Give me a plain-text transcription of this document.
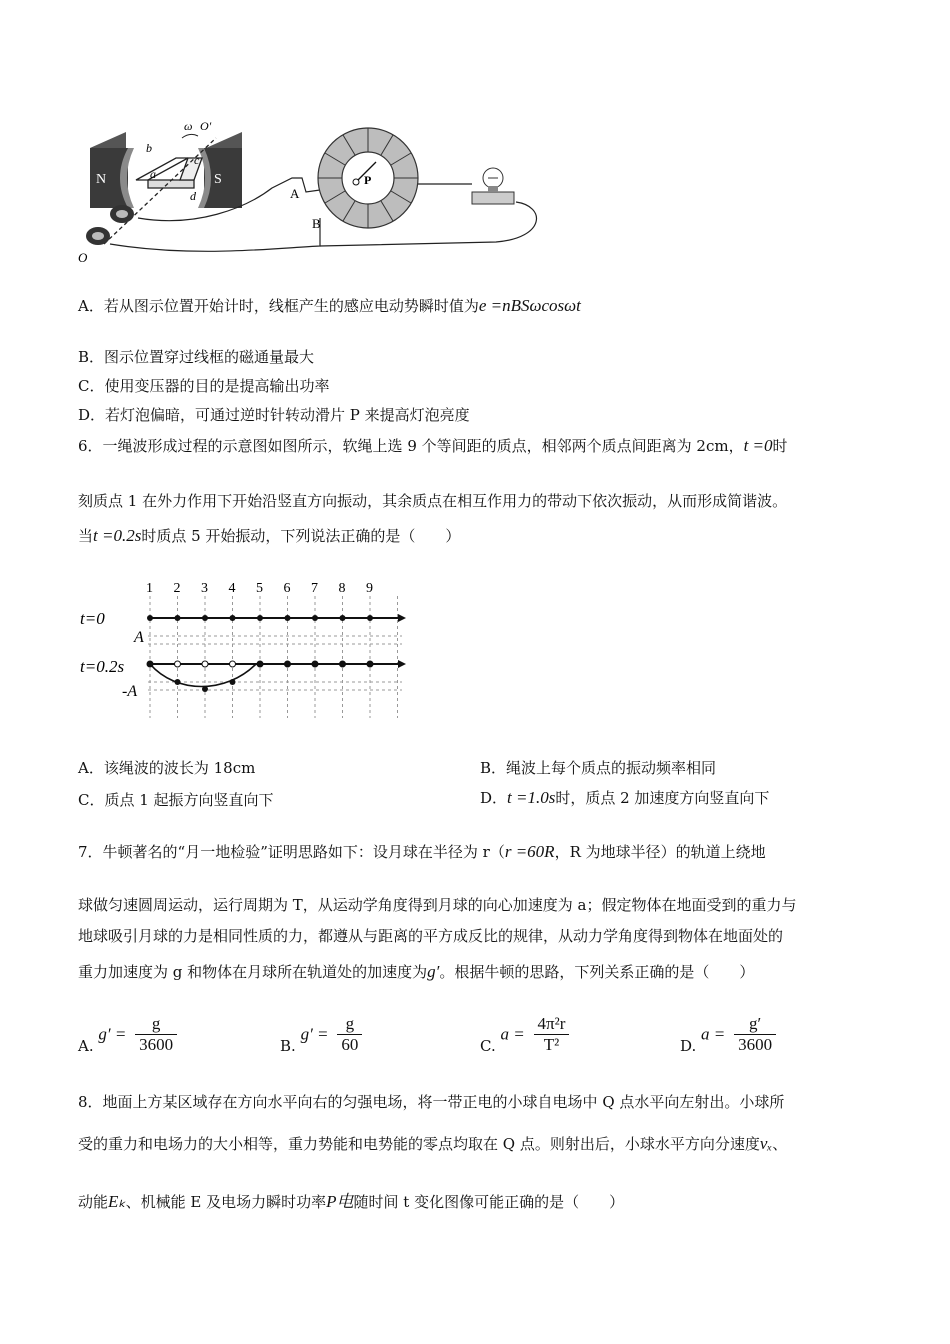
N	S
a
b
c
d
ω O′
O
A
B
P
A．若从图示位置开始计时，线框产生的感应电动势瞬时值为e =nBSωcosωt
B．图示位置穿过线框的磁通量最大
C．使用变压器的目的是提高输出功率
D．若灯泡偏暗，可通过逆时针转动滑片 P 来提高灯泡亮度
6．一绳波形成过程的示意图如图所示，软绳上选 9 个等间距的质点，相邻两个质点间距离为 2cm，t =0时
刻质点 1 在外力作用下开始沿竖直方向振动，其余质点在相互作用力的带动下依次振动，从而形成简谐波。
当t =0.2s时质点 5 开始振动，下列说法正确的是（　　）
1 2 3 4 5 6 7 8 9
t=0
t=0.2s
A
-A
A．该绳波的波长为 18cm	B．绳波上每个质点的振动频率相同
C．质点 1 起振方向竖直向下	D．t =1.0s时，质点 2 加速度方向竖直向下
7．牛顿著名的“月一地检验”证明思路如下：设月球在半径为 r（r =60R，R 为地球半径）的轨道上绕地
球做匀速圆周运动，运行周期为 T，从运动学角度得到月球的向心加速度为 a；假定物体在地面受到的重力与
地球吸引月球的力是相同性质的力，都遵从与距离的平方成反比的规律，从动力学角度得到物体在地面处的
重力加速度为 g 和物体在月球所在轨道处的加速度为g′。根据牛顿的思路，下列关系正确的是（　　）
A. $g' = \frac{g}{3600}$	B. $g' = \frac{g}{60}$	C. $a = \frac{\text{4π²r}}{\text{T²}}$	D. $a = \frac{g'}{3600}$
8．地面上方某区域存在方向水平向右的匀强电场，将一带正电的小球自电场中 Q 点水平向左射出。小球所
受的重力和电场力的大小相等，重力势能和电势能的零点均取在 Q 点。则射出后，小球水平方向分速度vₓ、
动能Eₖ、机械能 E 及电场力瞬时功率P电随时间 t 变化图像可能正确的是（　　）
